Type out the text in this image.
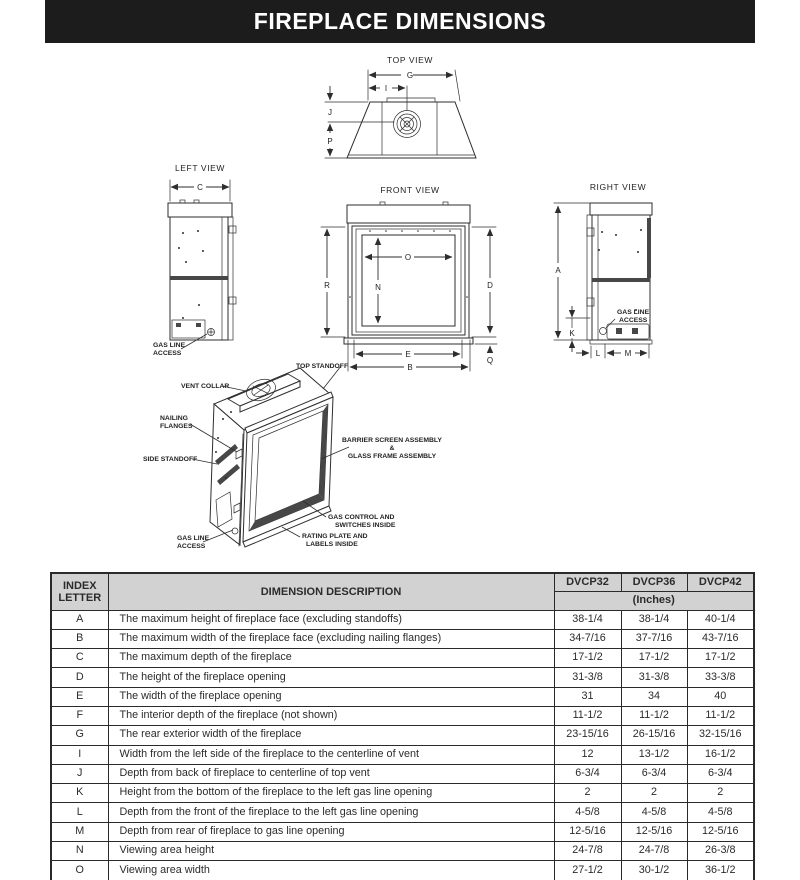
FIREPLACE DIMENSIONS
TOP VIEW
G
I
J
P
LEFT VIEW
C
GAS LINE
ACCESS
FRONT VIEW
R	N
O
D
E
B
Q
RIGHT VIEW
A
GAS LINE
ACCESS
K
L	M
TOP STANDOFF
VENT COLLAR
NAILING
FLANGES
SIDE STANDOFF
GAS LINE
ACCESS
BARRIER SCREEN ASSEMBLY
&
GLASS FRAME ASSEMBLY
GAS CONTROL AND
SWITCHES INSIDE
RATING PLATE AND
LABELS INSIDE
INDEX
LETTER	DIMENSION DESCRIPTION	DVCP32	DVCP36	DVCP42
		(Inches)		
A	The maximum height of fireplace face (excluding standoffs)	38-1/4	38-1/4	40-1/4
B	The maximum width of the fireplace face (excluding nailing flanges)	34-7/16	37-7/16	43-7/16
C	The maximum depth of the fireplace	17-1/2	17-1/2	17-1/2
D	The height of the fireplace opening	31-3/8	31-3/8	33-3/8
E	The width of the fireplace opening	31	34	40
F	The interior depth of the fireplace (not shown)	11-1/2	11-1/2	11-1/2
G	The rear exterior width of the fireplace	23-15/16	26-15/16	32-15/16
I	Width from the left side of the fireplace to the centerline of vent	12	13-1/2	16-1/2
J	Depth from back of fireplace to centerline of top vent	6-3/4	6-3/4	6-3/4
K	Height from the bottom of the fireplace to the left gas line opening	2	2	2
L	Depth from the front of the fireplace to the left gas line opening	4-5/8	4-5/8	4-5/8
M	Depth from rear of fireplace to gas line opening	12-5/16	12-5/16	12-5/16
N	Viewing area height	24-7/8	24-7/8	26-3/8
O	Viewing area width	27-1/2	30-1/2	36-1/2
